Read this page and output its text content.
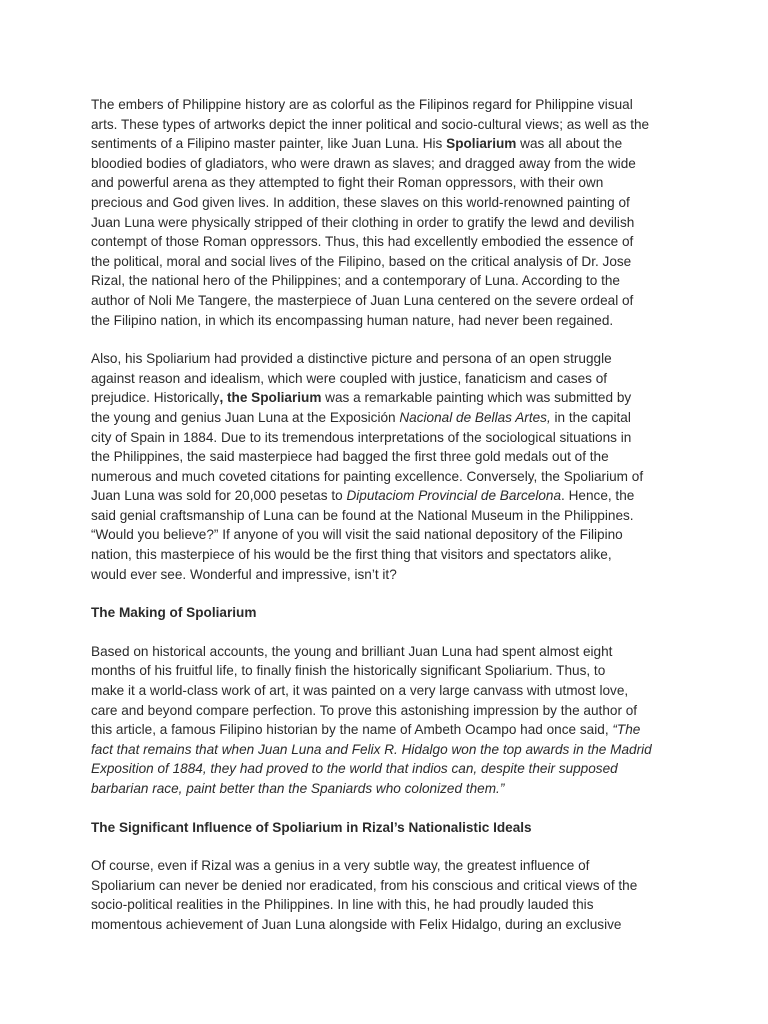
The embers of Philippine history are as colorful as the Filipinos regard for Philippine visual
arts. These types of artworks depict the inner political and socio-cultural views; as well as the
sentiments of a Filipino master painter, like Juan Luna. His Spoliarium was all about the
bloodied bodies of gladiators, who were drawn as slaves; and dragged away from the wide
and powerful arena as they attempted to fight their Roman oppressors, with their own
precious and God given lives. In addition, these slaves on this world-renowned painting of
Juan Luna were physically stripped of their clothing in order to gratify the lewd and devilish
contempt of those Roman oppressors. Thus, this had excellently embodied the essence of
the political, moral and social lives of the Filipino, based on the critical analysis of Dr. Jose
Rizal, the national hero of the Philippines; and a contemporary of Luna. According to the
author of Noli Me Tangere, the masterpiece of Juan Luna centered on the severe ordeal of
the Filipino nation, in which its encompassing human nature, had never been regained.
Also, his Spoliarium had provided a distinctive picture and persona of an open struggle
against reason and idealism, which were coupled with justice, fanaticism and cases of
prejudice. Historically, the Spoliarium was a remarkable painting which was submitted by
the young and genius Juan Luna at the Exposición Nacional de Bellas Artes, in the capital
city of Spain in 1884. Due to its tremendous interpretations of the sociological situations in
the Philippines, the said masterpiece had bagged the first three gold medals out of the
numerous and much coveted citations for painting excellence. Conversely, the Spoliarium of
Juan Luna was sold for 20,000 pesetas to Diputaciom Provincial de Barcelona. Hence, the
said genial craftsmanship of Luna can be found at the National Museum in the Philippines.
“Would you believe?” If anyone of you will visit the said national depository of the Filipino
nation, this masterpiece of his would be the first thing that visitors and spectators alike,
would ever see. Wonderful and impressive, isn’t it?
The Making of Spoliarium
Based on historical accounts, the young and brilliant Juan Luna had spent almost eight
months of his fruitful life, to finally finish the historically significant Spoliarium. Thus, to
make it a world-class work of art, it was painted on a very large canvass with utmost love,
care and beyond compare perfection. To prove this astonishing impression by the author of
this article, a famous Filipino historian by the name of Ambeth Ocampo had once said, “The
fact that remains that when Juan Luna and Felix R. Hidalgo won the top awards in the Madrid
Exposition of 1884, they had proved to the world that indios can, despite their supposed
barbarian race, paint better than the Spaniards who colonized them.”
The Significant Influence of Spoliarium in Rizal’s Nationalistic Ideals
Of course, even if Rizal was a genius in a very subtle way, the greatest influence of
Spoliarium can never be denied nor eradicated, from his conscious and critical views of the
socio-political realities in the Philippines. In line with this, he had proudly lauded this
momentous achievement of Juan Luna alongside with Felix Hidalgo, during an exclusive
